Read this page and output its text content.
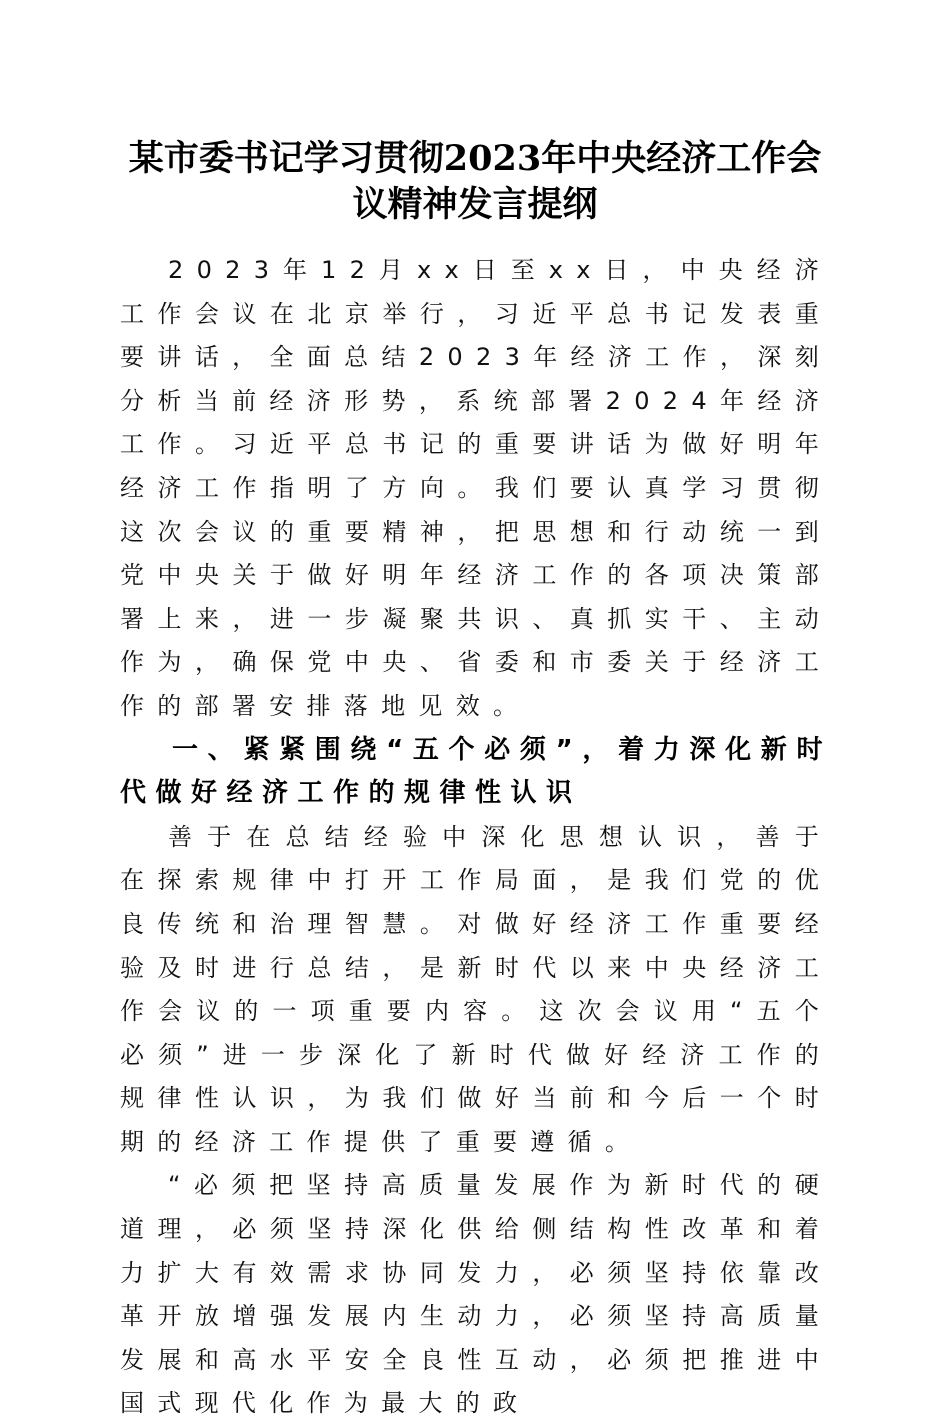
某市委书记学习贯彻2023年中央经济工作会
议精神发言提纲

2023年12月xx日至xx日，中央经济工作会议在北京举行，习近平总书记发表重要讲话，全面总结2023年经济工作，深刻分析当前经济形势，系统部署2024年经济工作。习近平总书记的重要讲话为做好明年经济工作指明了方向。我们要认真学习贯彻这次会议的重要精神，把思想和行动统一到党中央关于做好明年经济工作的各项决策部署上来，进一步凝聚共识、真抓实干、主动作为，确保党中央、省委和市委关于经济工作的部署安排落地见效。

一、紧紧围绕“五个必须”，着力深化新时代做好经济工作的规律性认识

善于在总结经验中深化思想认识，善于在探索规律中打开工作局面，是我们党的优良传统和治理智慧。对做好经济工作重要经验及时进行总结，是新时代以来中央经济工作会议的一项重要内容。这次会议用“五个必须”进一步深化了新时代做好经济工作的规律性认识，为我们做好当前和今后一个时期的经济工作提供了重要遵循。

“必须把坚持高质量发展作为新时代的硬道理，必须坚持深化供给侧结构性改革和着力扩大有效需求协同发力，必须坚持依靠改革开放增强发展内生动力，必须坚持高质量发展和高水平安全良性互动，必须把推进中国式现代化作为最大的政
